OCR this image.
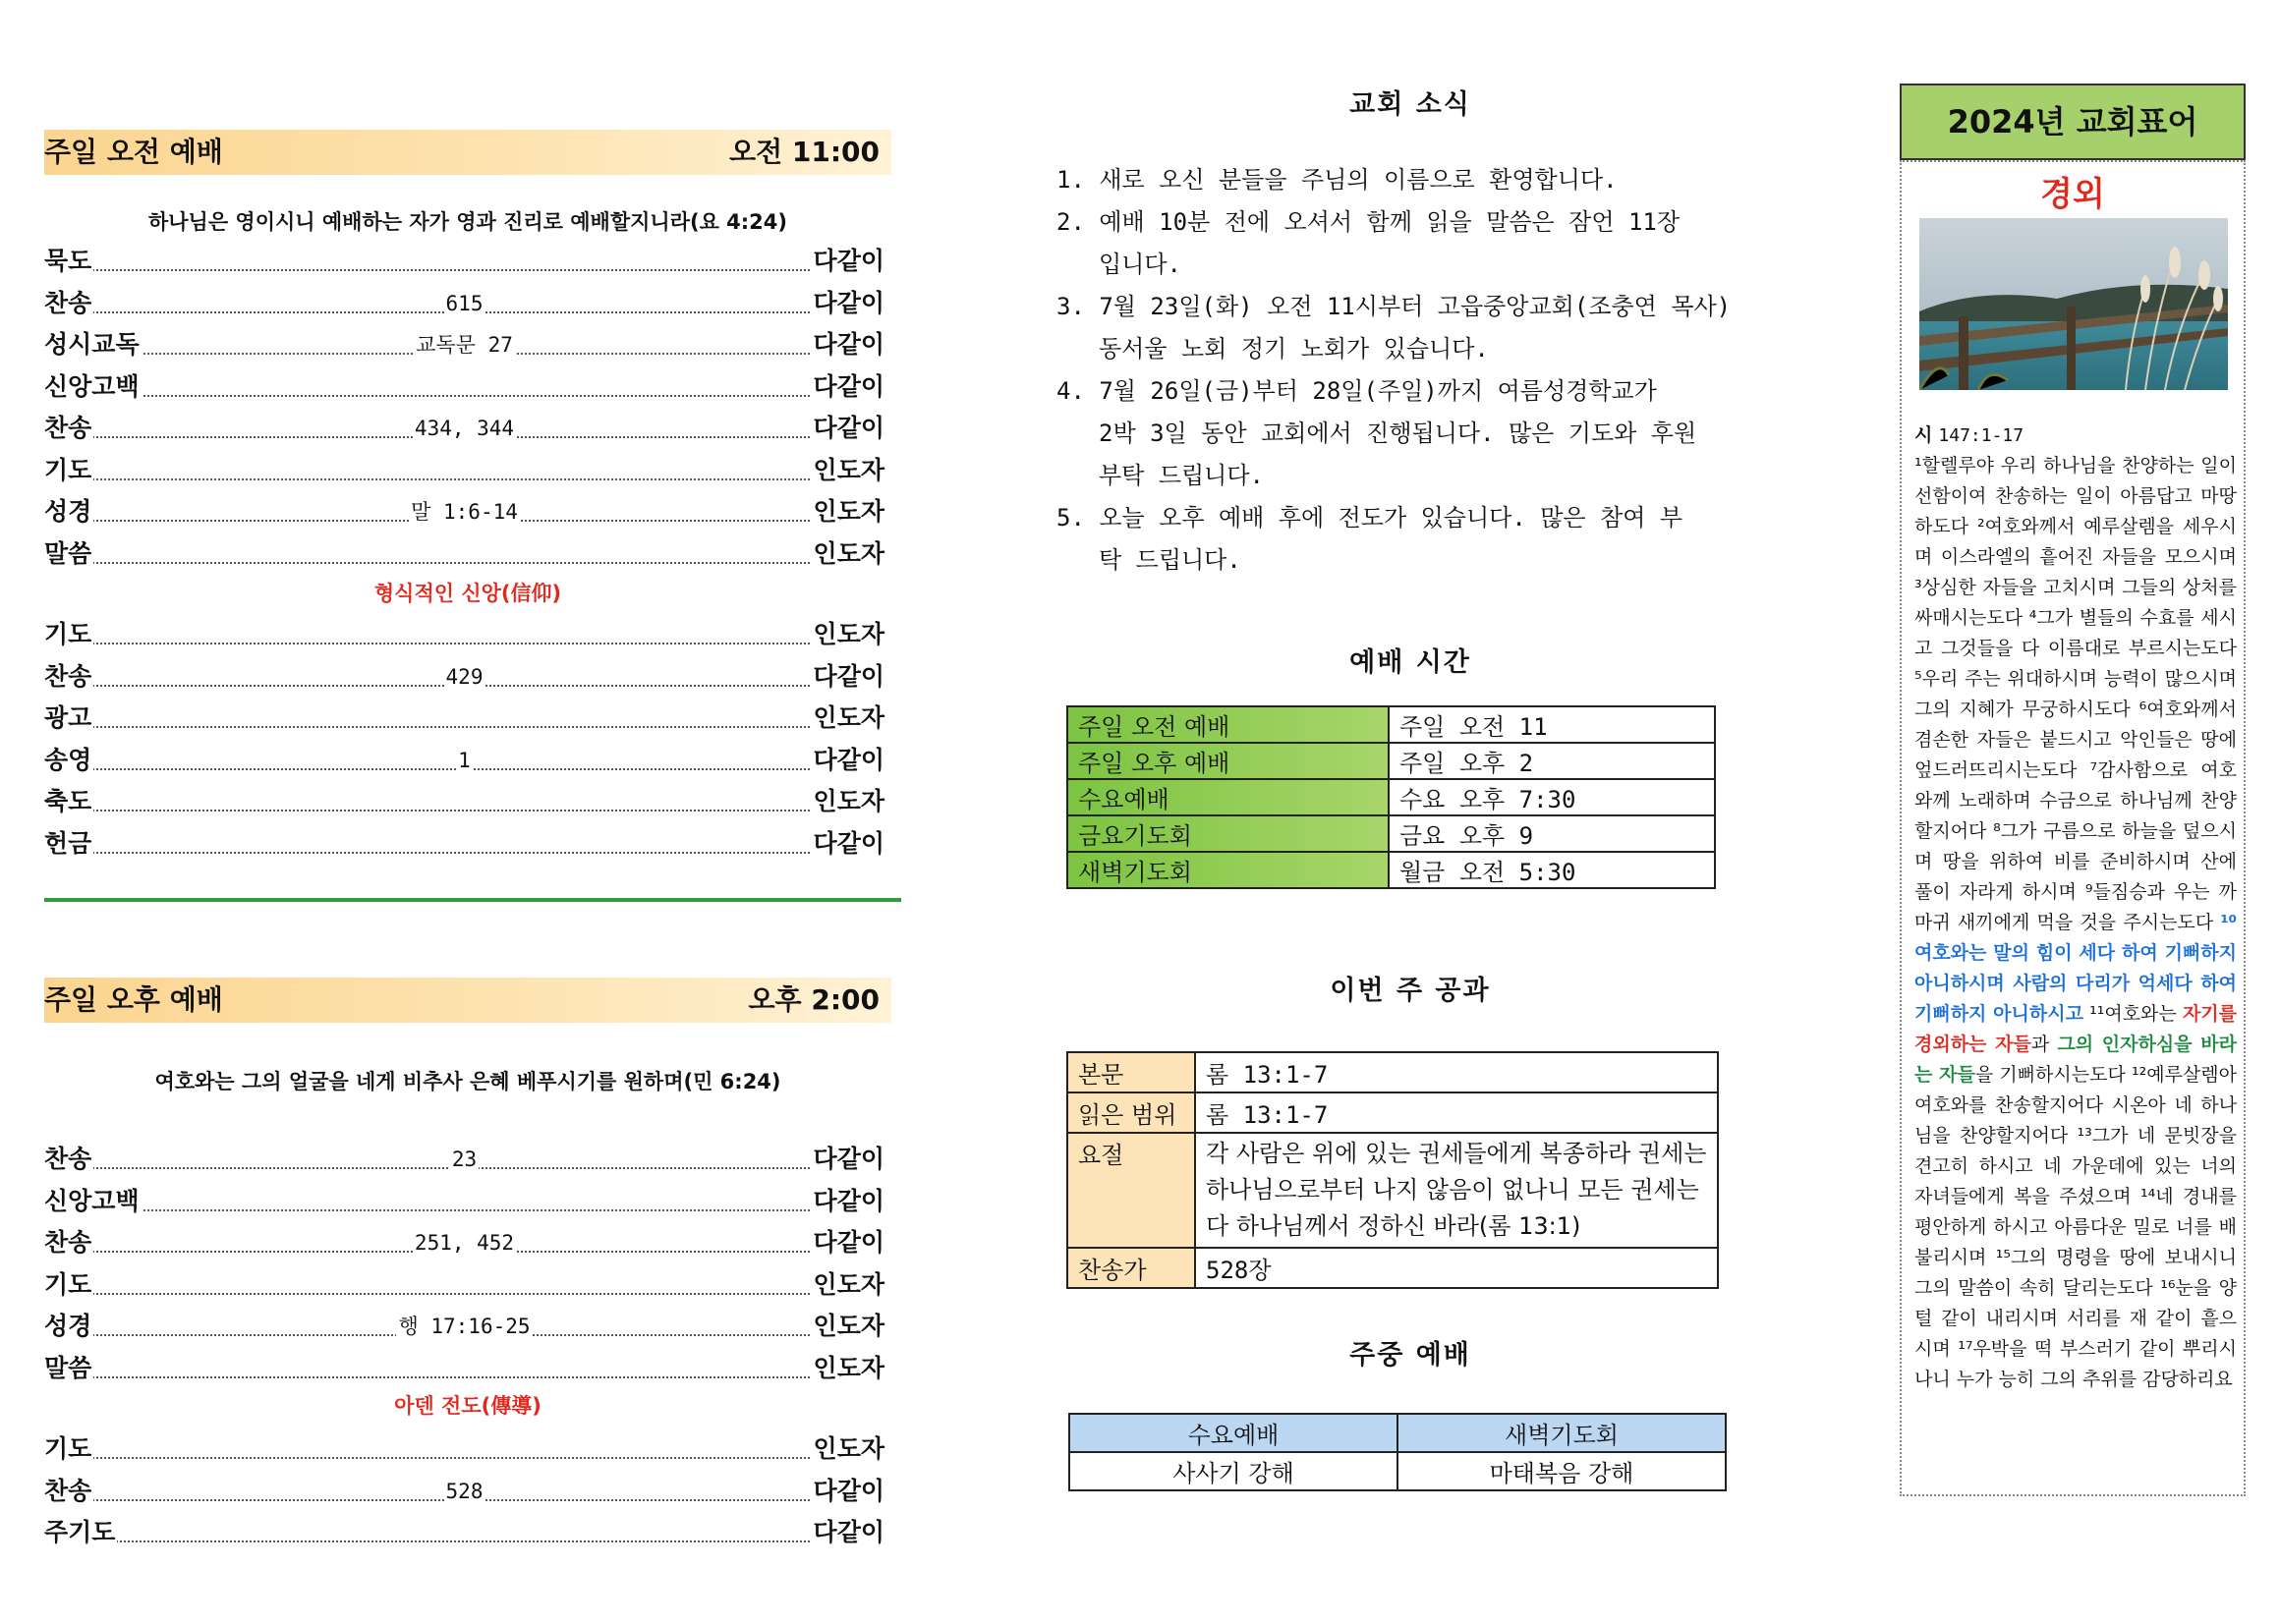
주일 오전 예배	오전 11:00
하나님은 영이시니 예배하는 자가 영과 진리로 예배할지니라(요 4:24)
묵도	다같이
찬송	615	다같이
성시교독	교독문 27	다같이
신앙고백	다같이
찬송	434, 344	다같이
기도	인도자
성경	말 1:6-14	인도자
말씀	인도자
형식적인 신앙(信仰)
기도	인도자
찬송	429	다같이
광고	인도자
송영	1	다같이
축도	인도자
헌금	다같이
주일 오후 예배	오후 2:00
여호와는 그의 얼굴을 네게 비추사 은혜 베푸시기를 원하며(민 6:24)
찬송	23	다같이
신앙고백	다같이
찬송	251, 452	다같이
기도	인도자
성경	행 17:16-25	인도자
말씀	인도자
아덴 전도(傳導)
기도	인도자
찬송	528	다같이
주기도	다같이
교회 소식
1. 새로 오신 분들을 주님의 이름으로 환영합니다.
2. 예배 10분 전에 오셔서 함께 읽을 말씀은 잠언 11장
입니다.
3. 7월 23일(화) 오전 11시부터 고읍중앙교회(조충연 목사)
동서울 노회 정기 노회가 있습니다.
4. 7월 26일(금)부터 28일(주일)까지 여름성경학교가
2박 3일 동안 교회에서 진행됩니다. 많은 기도와 후원
부탁 드립니다.
5. 오늘 오후 예배 후에 전도가 있습니다. 많은 참여 부
탁 드립니다.
예배 시간
주일 오전 예배	주일 오전 11
주일 오후 예배	주일 오후 2
수요예배	수요 오후 7:30
금요기도회	금요 오후 9
새벽기도회	월금 오전 5:30
이번 주 공과
본문	롬 13:1-7
읽은 범위	롬 13:1-7
요절	각 사람은 위에 있는 권세들에게 복종하라 권세는 하나님으로부터 나지 않음이 없나니 모든 권세는 다 하나님께서 정하신 바라(롬 13:1)
찬송가	528장
주중 예배
수요예배	새벽기도회
사사기 강해	마태복음 강해
2024년 교회표어
경외
시 147:1-17
¹할렐루야 우리 하나님을 찬양하는 일이 선함이여 찬송하는 일이 아름답고 마땅하도다 ²여호와께서 예루살렘을 세우시며 이스라엘의 흩어진 자들을 모으시며 ³상심한 자들을 고치시며 그들의 상처를 싸매시는도다 ⁴그가 별들의 수효를 세시고 그것들을 다 이름대로 부르시는도다 ⁵우리 주는 위대하시며 능력이 많으시며 그의 지혜가 무궁하시도다 ⁶여호와께서 겸손한 자들은 붙드시고 악인들은 땅에 엎드러뜨리시는도다 ⁷감사함으로 여호와께 노래하며 수금으로 하나님께 찬양할지어다 ⁸그가 구름으로 하늘을 덮으시며 땅을 위하여 비를 준비하시며 산에 풀이 자라게 하시며 ⁹들짐승과 우는 까마귀 새끼에게 먹을 것을 주시는도다 ¹⁰여호와는 말의 힘이 세다 하여 기뻐하지 아니하시며 사람의 다리가 억세다 하여 기뻐하지 아니하시고 ¹¹여호와는 자기를 경외하는 자들과 그의 인자하심을 바라는 자들을 기뻐하시는도다 ¹²예루살렘아 여호와를 찬송할지어다 시온아 네 하나님을 찬양할지어다 ¹³그가 네 문빗장을 견고히 하시고 네 가운데에 있는 너의 자녀들에게 복을 주셨으며 ¹⁴네 경내를 평안하게 하시고 아름다운 밀로 너를 배불리시며 ¹⁵그의 명령을 땅에 보내시니 그의 말씀이 속히 달리는도다 ¹⁶눈을 양털 같이 내리시며 서리를 재 같이 흩으시며 ¹⁷우박을 떡 부스러기 같이 뿌리시나니 누가 능히 그의 추위를 감당하리요
